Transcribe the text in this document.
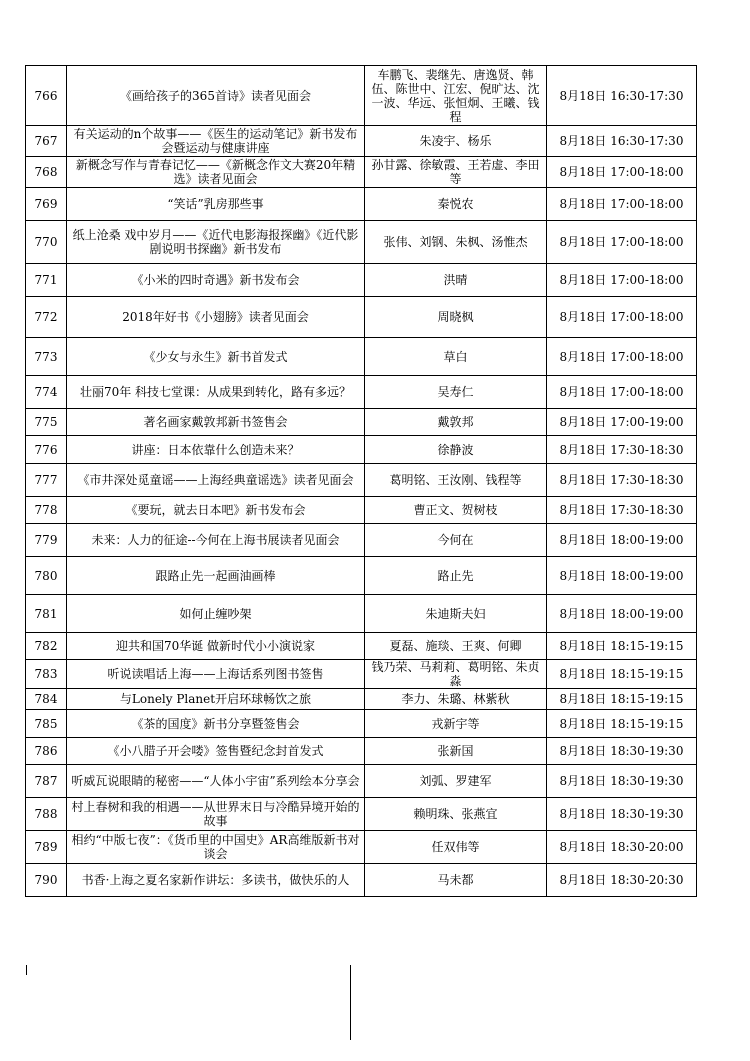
766	《画给孩子的365首诗》读者见面会	车鹏飞、裴继先、唐逸贤、韩伍、陈世中、江宏、倪旷达、沈一波、华远、张恒炯、王曦、钱程	8月18日 16:30-17:30
767	有关运动的n个故事——《医生的运动笔记》新书发布会暨运动与健康讲座	朱凌宇、杨乐	8月18日 16:30-17:30
768	新概念写作与青春记忆——《新概念作文大赛20年精选》读者见面会	孙甘露、徐敏霞、王若虚、李田等	8月18日 17:00-18:00
769	“笑话”乳房那些事	秦悦农	8月18日 17:00-18:00
770	纸上沧桑 戏中岁月——《近代电影海报探幽》《近代影剧说明书探幽》新书发布	张伟、刘钢、朱枫、汤惟杰	8月18日 17:00-18:00
771	《小米的四时奇遇》新书发布会	洪晴	8月18日 17:00-18:00
772	2018年好书《小翅膀》读者见面会	周晓枫	8月18日 17:00-18:00
773	《少女与永生》新书首发式	草白	8月18日 17:00-18:00
774	壮丽70年 科技七堂课：从成果到转化，路有多远？	吴寿仁	8月18日 17:00-18:00
775	著名画家戴敦邦新书签售会	戴敦邦	8月18日 17:00-19:00
776	讲座：日本依靠什么创造未来？	徐静波	8月18日 17:30-18:30
777	《市井深处觅童谣——上海经典童谣选》读者见面会	葛明铭、王汝刚、钱程等	8月18日 17:30-18:30
778	《要玩，就去日本吧》新书发布会	曹正文、贺树枝	8月18日 17:30-18:30
779	未来：人力的征途--今何在上海书展读者见面会	今何在	8月18日 18:00-19:00
780	跟路止先一起画油画棒	路止先	8月18日 18:00-19:00
781	如何止缠吵架	朱迪斯夫妇	8月18日 18:00-19:00
782	迎共和国70华诞 做新时代小小演说家	夏磊、施琰、王爽、何卿	8月18日 18:15-19:15
783	听说读唱话上海——上海话系列图书签售	钱乃荣、马莉莉、葛明铭、朱贞淼	8月18日 18:15-19:15
784	与Lonely Planet开启环球畅饮之旅	李力、朱璐、林紫秋	8月18日 18:15-19:15
785	《茶的国度》新书分享暨签售会	戎新宇等	8月18日 18:15-19:15
786	《小八腊子开会喽》签售暨纪念封首发式	张新国	8月18日 18:30-19:30
787	听威瓦说眼睛的秘密——“人体小宇宙”系列绘本分享会	刘弧、罗建军	8月18日 18:30-19:30
788	村上春树和我的相遇——从世界末日与冷酷异境开始的故事	赖明珠、张燕宜	8月18日 18:30-19:30
789	相约“中版七夜”：《货币里的中国史》AR高维版新书对谈会	任双伟等	8月18日 18:30-20:00
790	书香·上海之夏名家新作讲坛：多读书，做快乐的人	马未都	8月18日 18:30-20:30
